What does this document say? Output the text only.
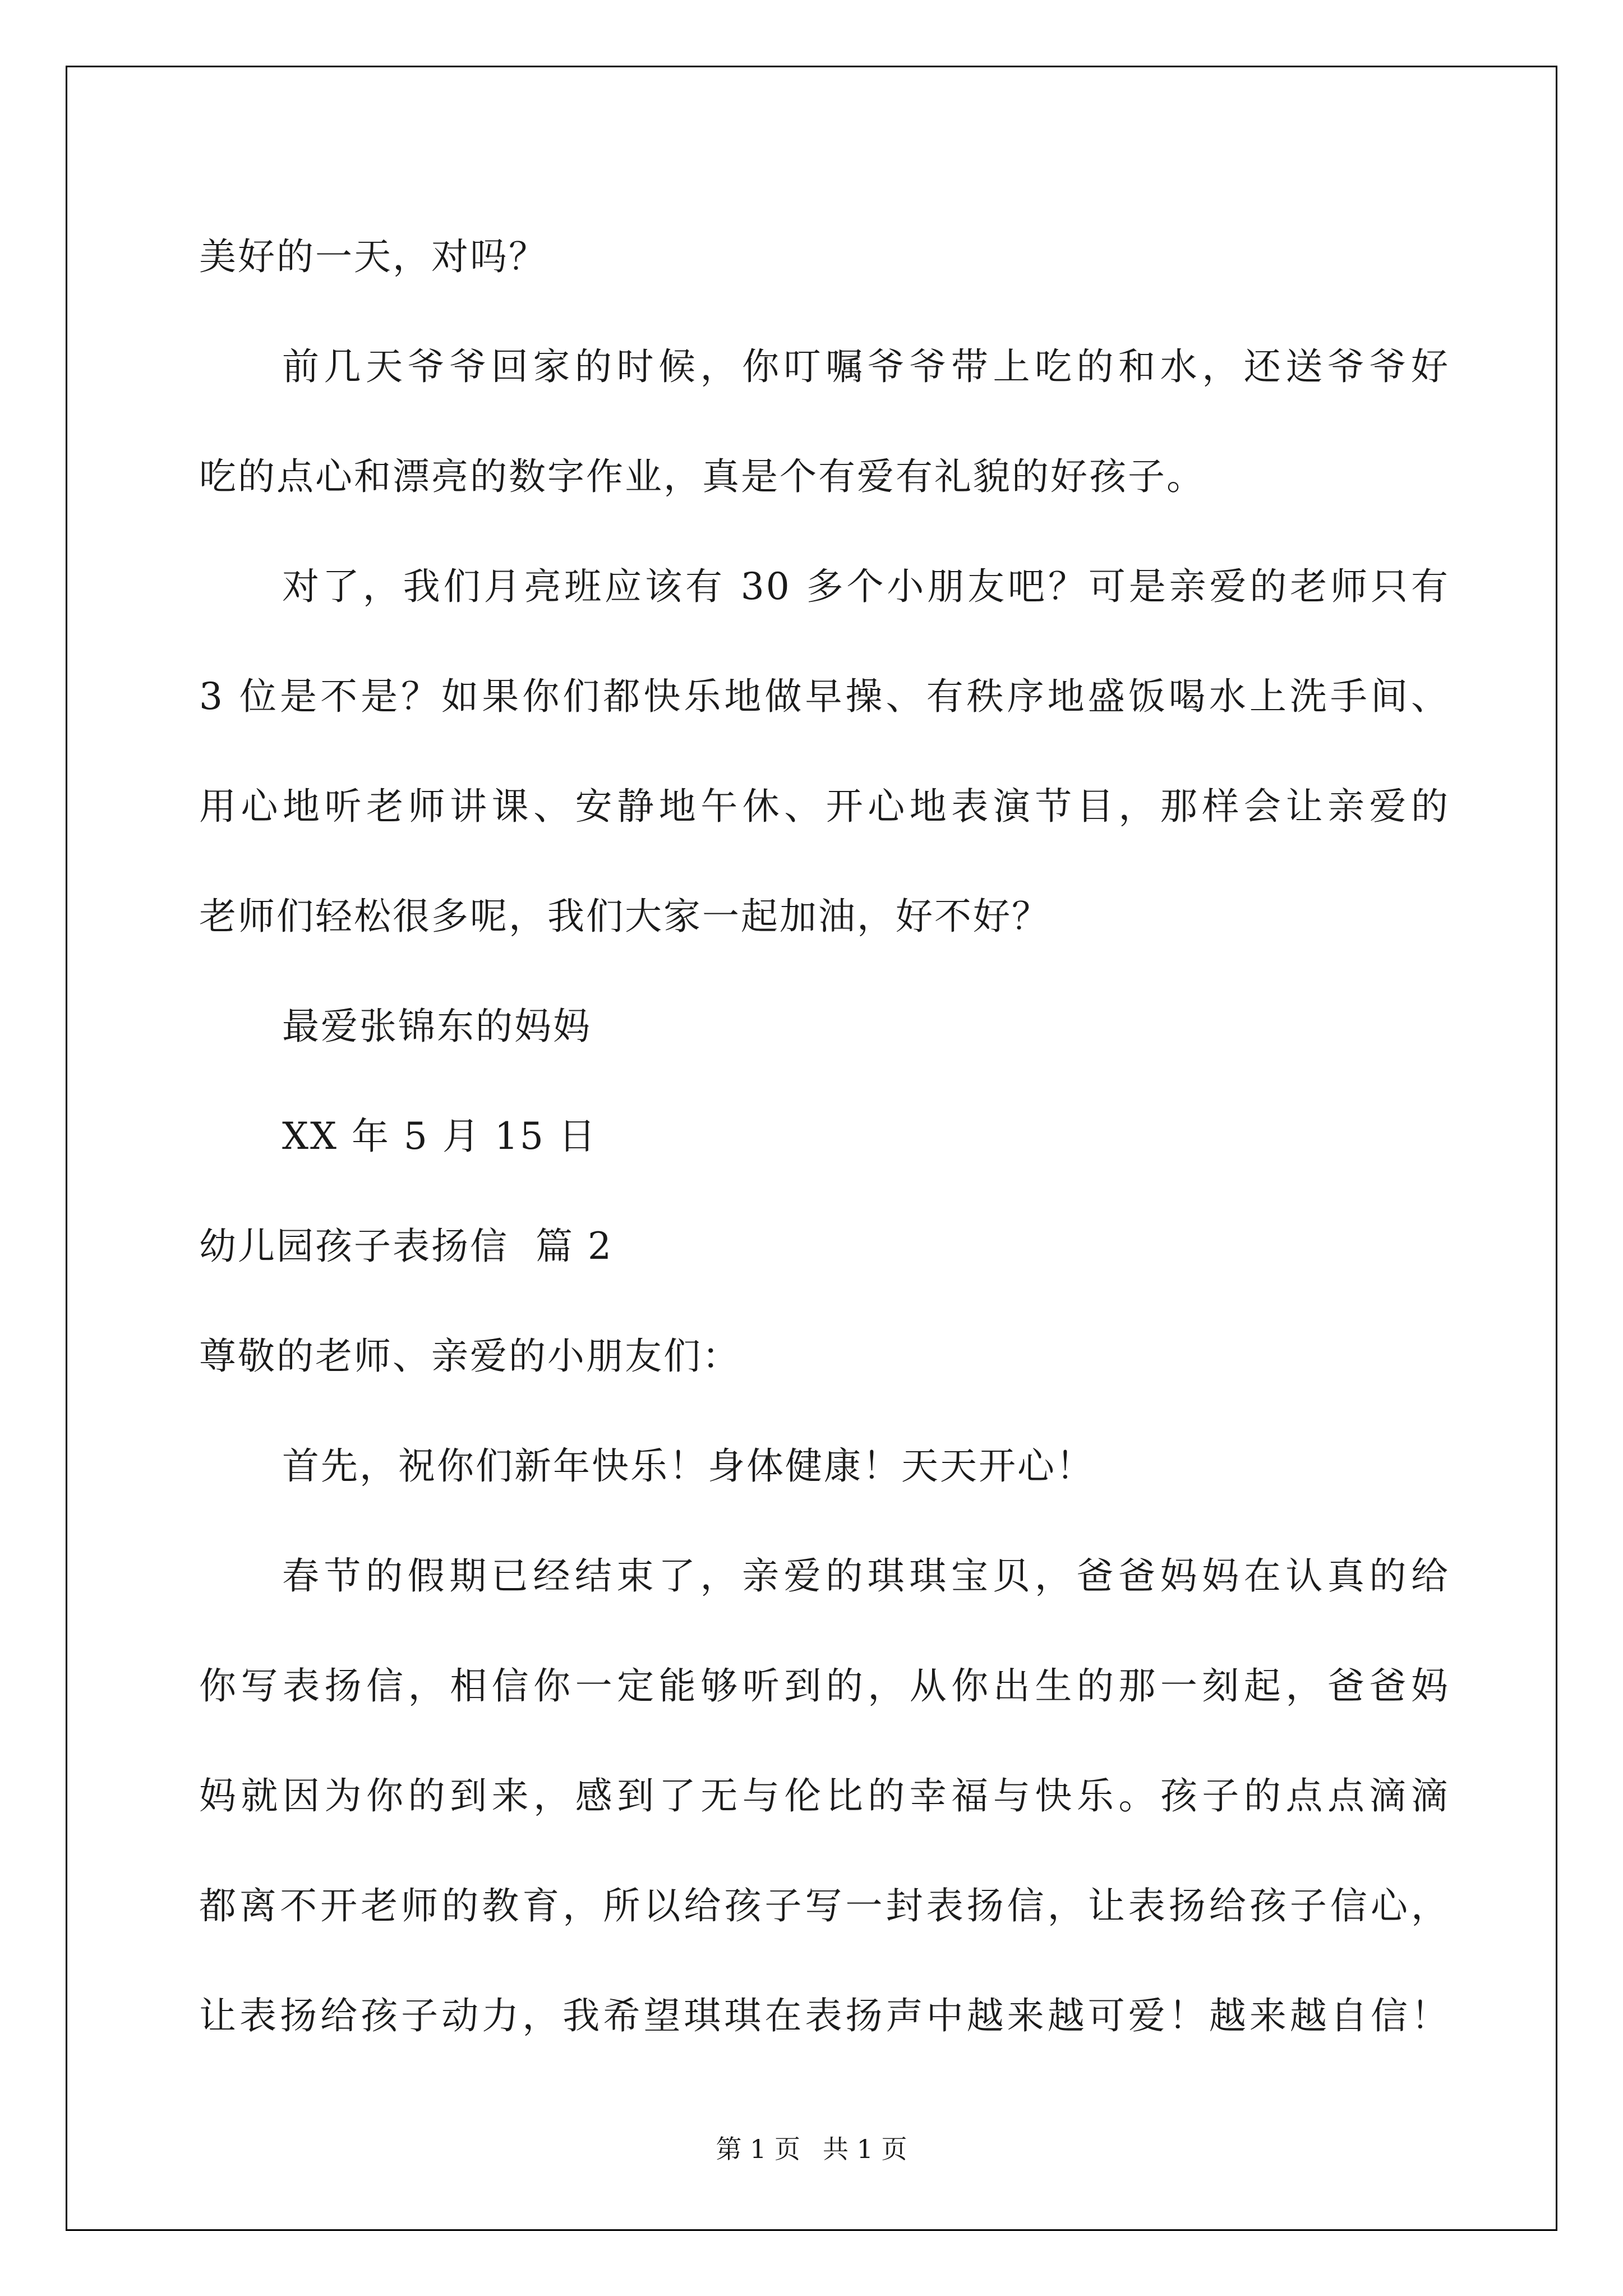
美好的一天，对吗？

前几天爷爷回家的时候，你叮嘱爷爷带上吃的和水，还送爷爷好

吃的点心和漂亮的数字作业，真是个有爱有礼貌的好孩子。

对了，我们月亮班应该有 30 多个小朋友吧？可是亲爱的老师只有

3 位是不是？如果你们都快乐地做早操、有秩序地盛饭喝水上洗手间、

用心地听老师讲课、安静地午休、开心地表演节目，那样会让亲爱的

老师们轻松很多呢，我们大家一起加油，好不好？

最爱张锦东的妈妈

XX 年 5 月 15 日

幼儿园孩子表扬信  篇 2

尊敬的老师、亲爱的小朋友们：

首先，祝你们新年快乐！身体健康！天天开心！

春节的假期已经结束了，亲爱的琪琪宝贝，爸爸妈妈在认真的给

你写表扬信，相信你一定能够听到的，从你出生的那一刻起，爸爸妈

妈就因为你的到来，感到了无与伦比的幸福与快乐。孩子的点点滴滴

都离不开老师的教育，所以给孩子写一封表扬信，让表扬给孩子信心，

让表扬给孩子动力，我希望琪琪在表扬声中越来越可爱！越来越自信！

第 1 页 共 1 页
